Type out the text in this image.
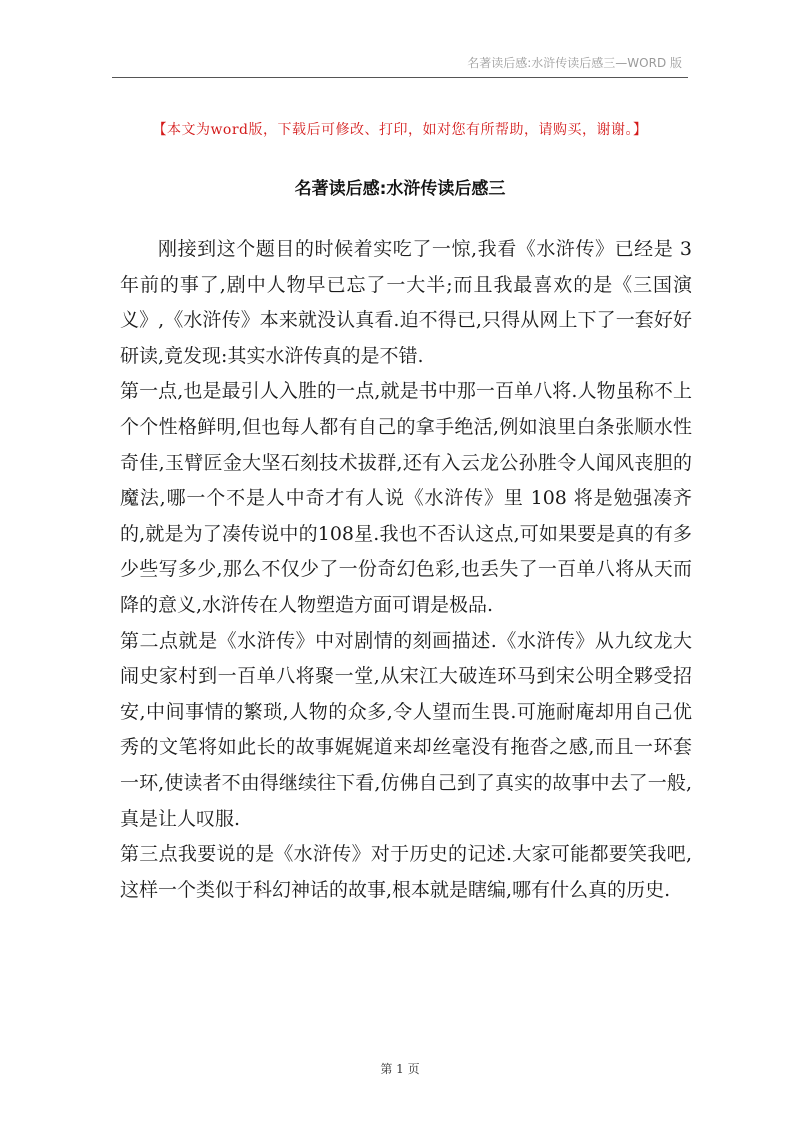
名著读后感:水浒传读后感三—WORD 版
【本文为word版，下载后可修改、打印，如对您有所帮助，请购买，谢谢。】
名著读后感:水浒传读后感三

刚接到这个题目的时候着实吃了一惊,我看《水浒传》已经是 3 年前的事了,剧中人物早已忘了一大半;而且我最喜欢的是《三国演义》,《水浒传》本来就没认真看.迫不得已,只得从网上下了一套好好研读,竟发现:其实水浒传真的是不错.

第一点,也是最引人入胜的一点,就是书中那一百单八将.人物虽称不上个个性格鲜明,但也每人都有自己的拿手绝活,例如浪里白条张顺水性奇佳,玉臂匠金大坚石刻技术拔群,还有入云龙公孙胜令人闻风丧胆的魔法,哪一个不是人中奇才有人说《水浒传》里 108 将是勉强凑齐的,就是为了凑传说中的108星.我也不否认这点,可如果要是真的有多少些写多少,那么不仅少了一份奇幻色彩,也丢失了一百单八将从天而降的意义,水浒传在人物塑造方面可谓是极品.

第二点就是《水浒传》中对剧情的刻画描述.《水浒传》从九纹龙大闹史家村到一百单八将聚一堂,从宋江大破连环马到宋公明全夥受招安,中间事情的繁琐,人物的众多,令人望而生畏.可施耐庵却用自己优秀的文笔将如此长的故事娓娓道来却丝毫没有拖沓之感,而且一环套一环,使读者不由得继续往下看,仿佛自己到了真实的故事中去了一般,真是让人叹服.

第三点我要说的是《水浒传》对于历史的记述.大家可能都要笑我吧,这样一个类似于科幻神话的故事,根本就是瞎编,哪有什么真的历史.

第 1 页
